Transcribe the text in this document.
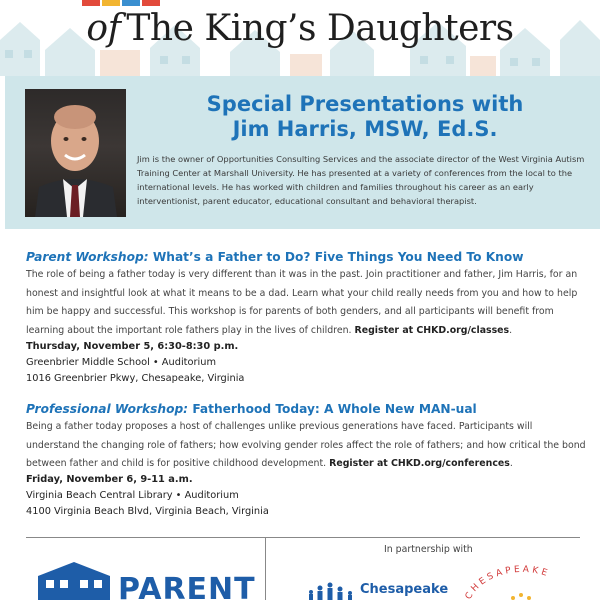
of The King’s Daughters
Special Presentations with
Jim Harris, MSW, Ed.S.
Jim is the owner of Opportunities Consulting Services and the associate director of the West Virginia Autism Training Center at Marshall University. He has presented at a variety of conferences from the local to the international levels. He has worked with children and families throughout his career as an early interventionist, parent educator, educational consultant and behavioral therapist.
Parent Workshop: What’s a Father to Do? Five Things You Need To Know
The role of being a father today is very different than it was in the past. Join practitioner and father, Jim Harris, for an honest and insightful look at what it means to be a dad. Learn what your child really needs from you and how to help him be happy and successful. This workshop is for parents of both genders, and all participants will benefit from learning about the important role fathers play in the lives of children. Register at CHKD.org/classes.
Thursday, November 5, 6:30-8:30 p.m.
Greenbrier Middle School • Auditorium
1016 Greenbrier Pkwy, Chesapeake, Virginia
Professional Workshop: Fatherhood Today: A Whole New MAN-ual
Being a father today proposes a host of challenges unlike previous generations have faced. Participants will understand the changing role of fathers; how evolving gender roles affect the role of fathers; and how critical the bond between father and child is for positive childhood development. Register at CHKD.org/conferences.
Friday, November 6, 9-11 a.m.
Virginia Beach Central Library • Auditorium
4100 Virginia Beach Blvd, Virginia Beach, Virginia
PARENT
In partnership with
Chesapeake CHESAPEAKE
